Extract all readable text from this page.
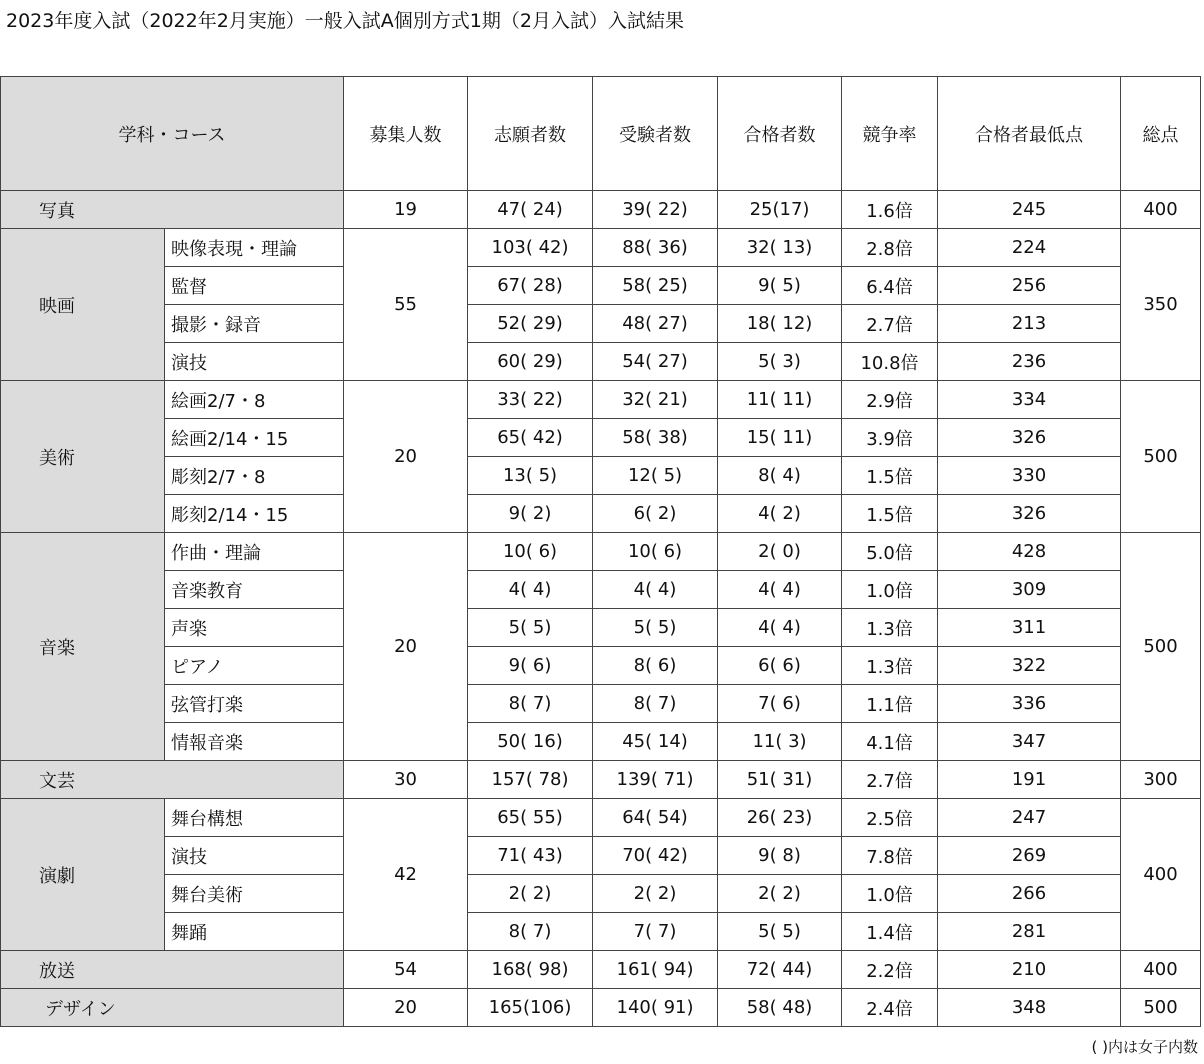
2023年度入試（2022年2月実施）一般入試A個別方式1期（2月入試）入試結果
学科・コース		募集人数	志願者数	受験者数	合格者数	競争率	合格者最低点	総点
写真		19	47( 24)	39( 22)	25(17)	1.6倍	245	400
映画	映像表現・理論	55	103( 42)	88( 36)	32( 13)	2.8倍	224	350
	監督		67( 28)	58( 25)	9( 5)	6.4倍	256	
	撮影・録音		52( 29)	48( 27)	18( 12)	2.7倍	213	
	演技		60( 29)	54( 27)	5( 3)	10.8倍	236	
美術	絵画2/7・8	20	33( 22)	32( 21)	11( 11)	2.9倍	334	500
	絵画2/14・15		65( 42)	58( 38)	15( 11)	3.9倍	326	
	彫刻2/7・8		13( 5)	12( 5)	8( 4)	1.5倍	330	
	彫刻2/14・15		9( 2)	6( 2)	4( 2)	1.5倍	326	
音楽	作曲・理論	20	10( 6)	10( 6)	2( 0)	5.0倍	428	500
	音楽教育		4( 4)	4( 4)	4( 4)	1.0倍	309	
	声楽		5( 5)	5( 5)	4( 4)	1.3倍	311	
	ピアノ		9( 6)	8( 6)	6( 6)	1.3倍	322	
	弦管打楽		8( 7)	8( 7)	7( 6)	1.1倍	336	
	情報音楽		50( 16)	45( 14)	11( 3)	4.1倍	347	
文芸		30	157( 78)	139( 71)	51( 31)	2.7倍	191	300
演劇	舞台構想	42	65( 55)	64( 54)	26( 23)	2.5倍	247	400
	演技		71( 43)	70( 42)	9( 8)	7.8倍	269	
	舞台美術		2( 2)	2( 2)	2( 2)	1.0倍	266	
	舞踊		8( 7)	7( 7)	5( 5)	1.4倍	281	
放送		54	168( 98)	161( 94)	72( 44)	2.2倍	210	400
デザイン		20	165(106)	140( 91)	58( 48)	2.4倍	348	500
( )内は女子内数
